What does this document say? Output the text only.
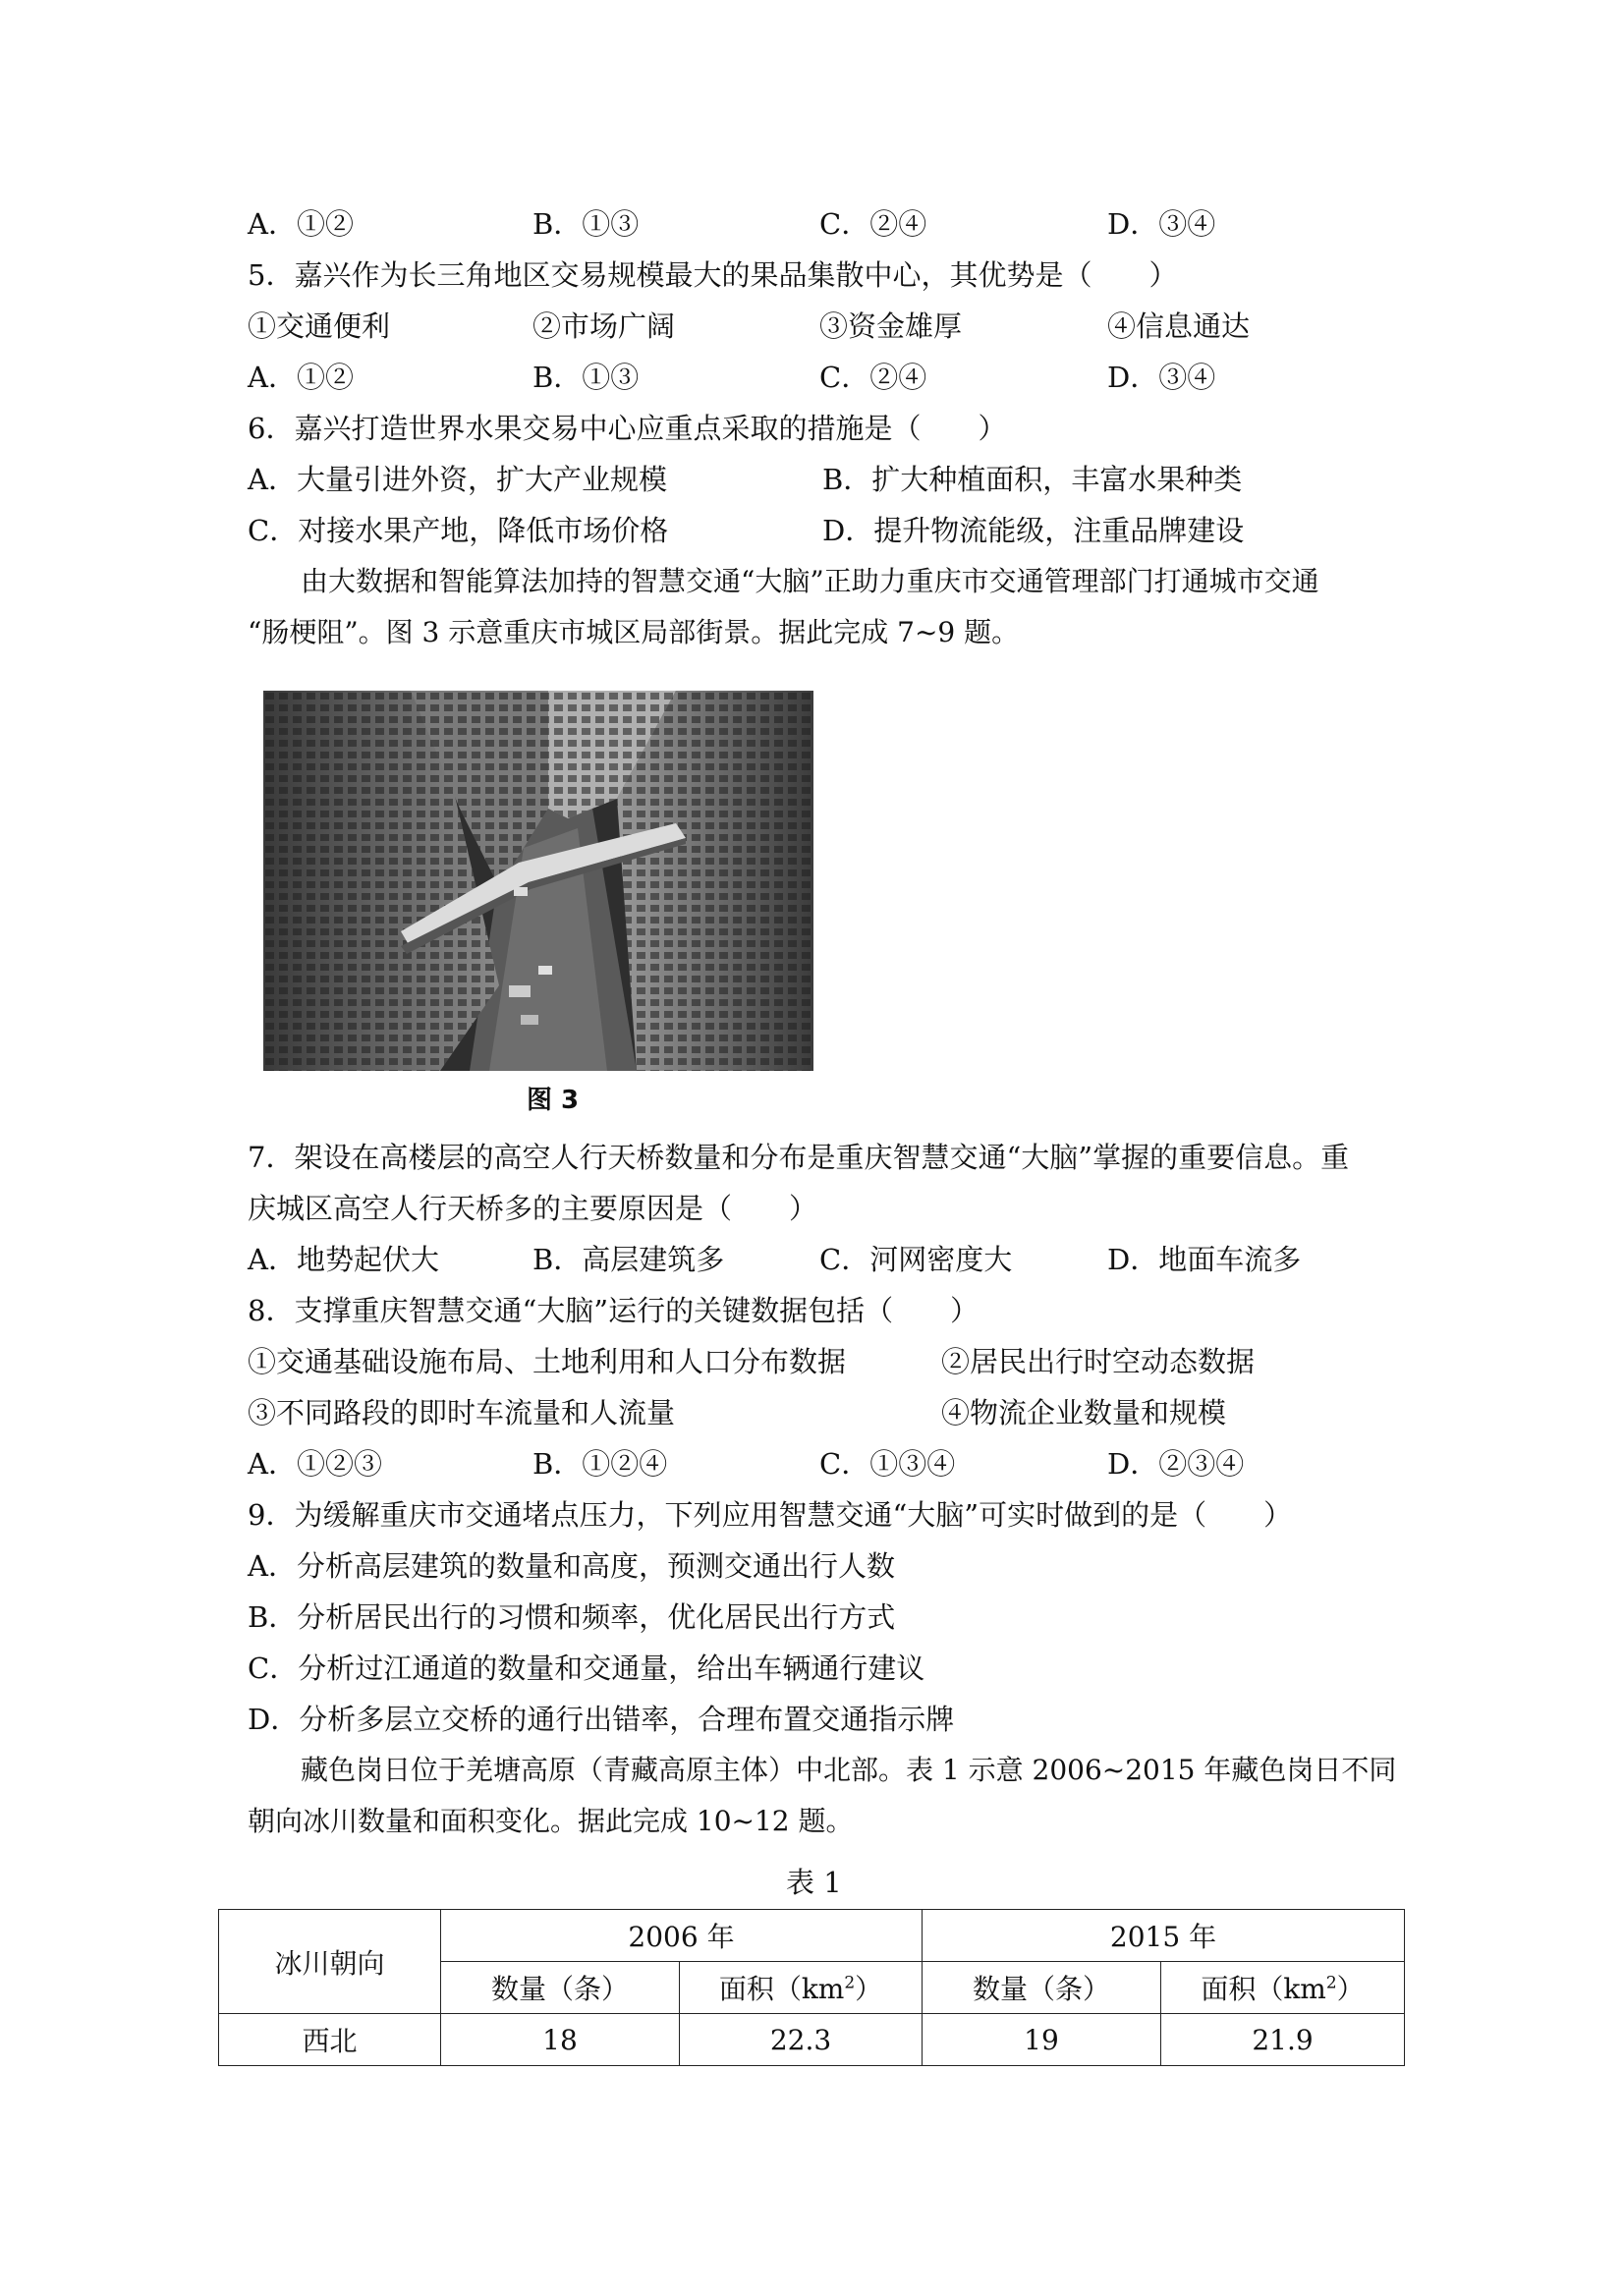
A．①②	B．①③	C．②④	D．③④
5．嘉兴作为长三角地区交易规模最大的果品集散中心，其优势是（　　）
①交通便利	②市场广阔	③资金雄厚	④信息通达
A．①②	B．①③	C．②④	D．③④
6．嘉兴打造世界水果交易中心应重点采取的措施是（　　）
A．大量引进外资，扩大产业规模	B．扩大种植面积，丰富水果种类
C．对接水果产地，降低市场价格	D．提升物流能级，注重品牌建设
由大数据和智能算法加持的智慧交通“大脑”正助力重庆市交通管理部门打通城市交通
“肠梗阻”。图 3 示意重庆市城区局部街景。据此完成 7~9 题。
图 3
7．架设在高楼层的高空人行天桥数量和分布是重庆智慧交通“大脑”掌握的重要信息。重
庆城区高空人行天桥多的主要原因是（　　）
A．地势起伏大	B．高层建筑多	C．河网密度大	D．地面车流多
8．支撑重庆智慧交通“大脑”运行的关键数据包括（　　）
①交通基础设施布局、土地利用和人口分布数据	②居民出行时空动态数据
③不同路段的即时车流量和人流量	④物流企业数量和规模
A．①②③	B．①②④	C．①③④	D．②③④
9．为缓解重庆市交通堵点压力，下列应用智慧交通“大脑”可实时做到的是（　　）
A．分析高层建筑的数量和高度，预测交通出行人数
B．分析居民出行的习惯和频率，优化居民出行方式
C．分析过江通道的数量和交通量，给出车辆通行建议
D．分析多层立交桥的通行出错率，合理布置交通指示牌
藏色岗日位于羌塘高原（青藏高原主体）中北部。表 1 示意 2006~2015 年藏色岗日不同
朝向冰川数量和面积变化。据此完成 10~12 题。
表 1
冰川朝向	2006 年		2015 年	
	数量（条）	面积$(km^2)$	数量（条）	面积$(km^2)$
西北	18	22.3	19	21.9
